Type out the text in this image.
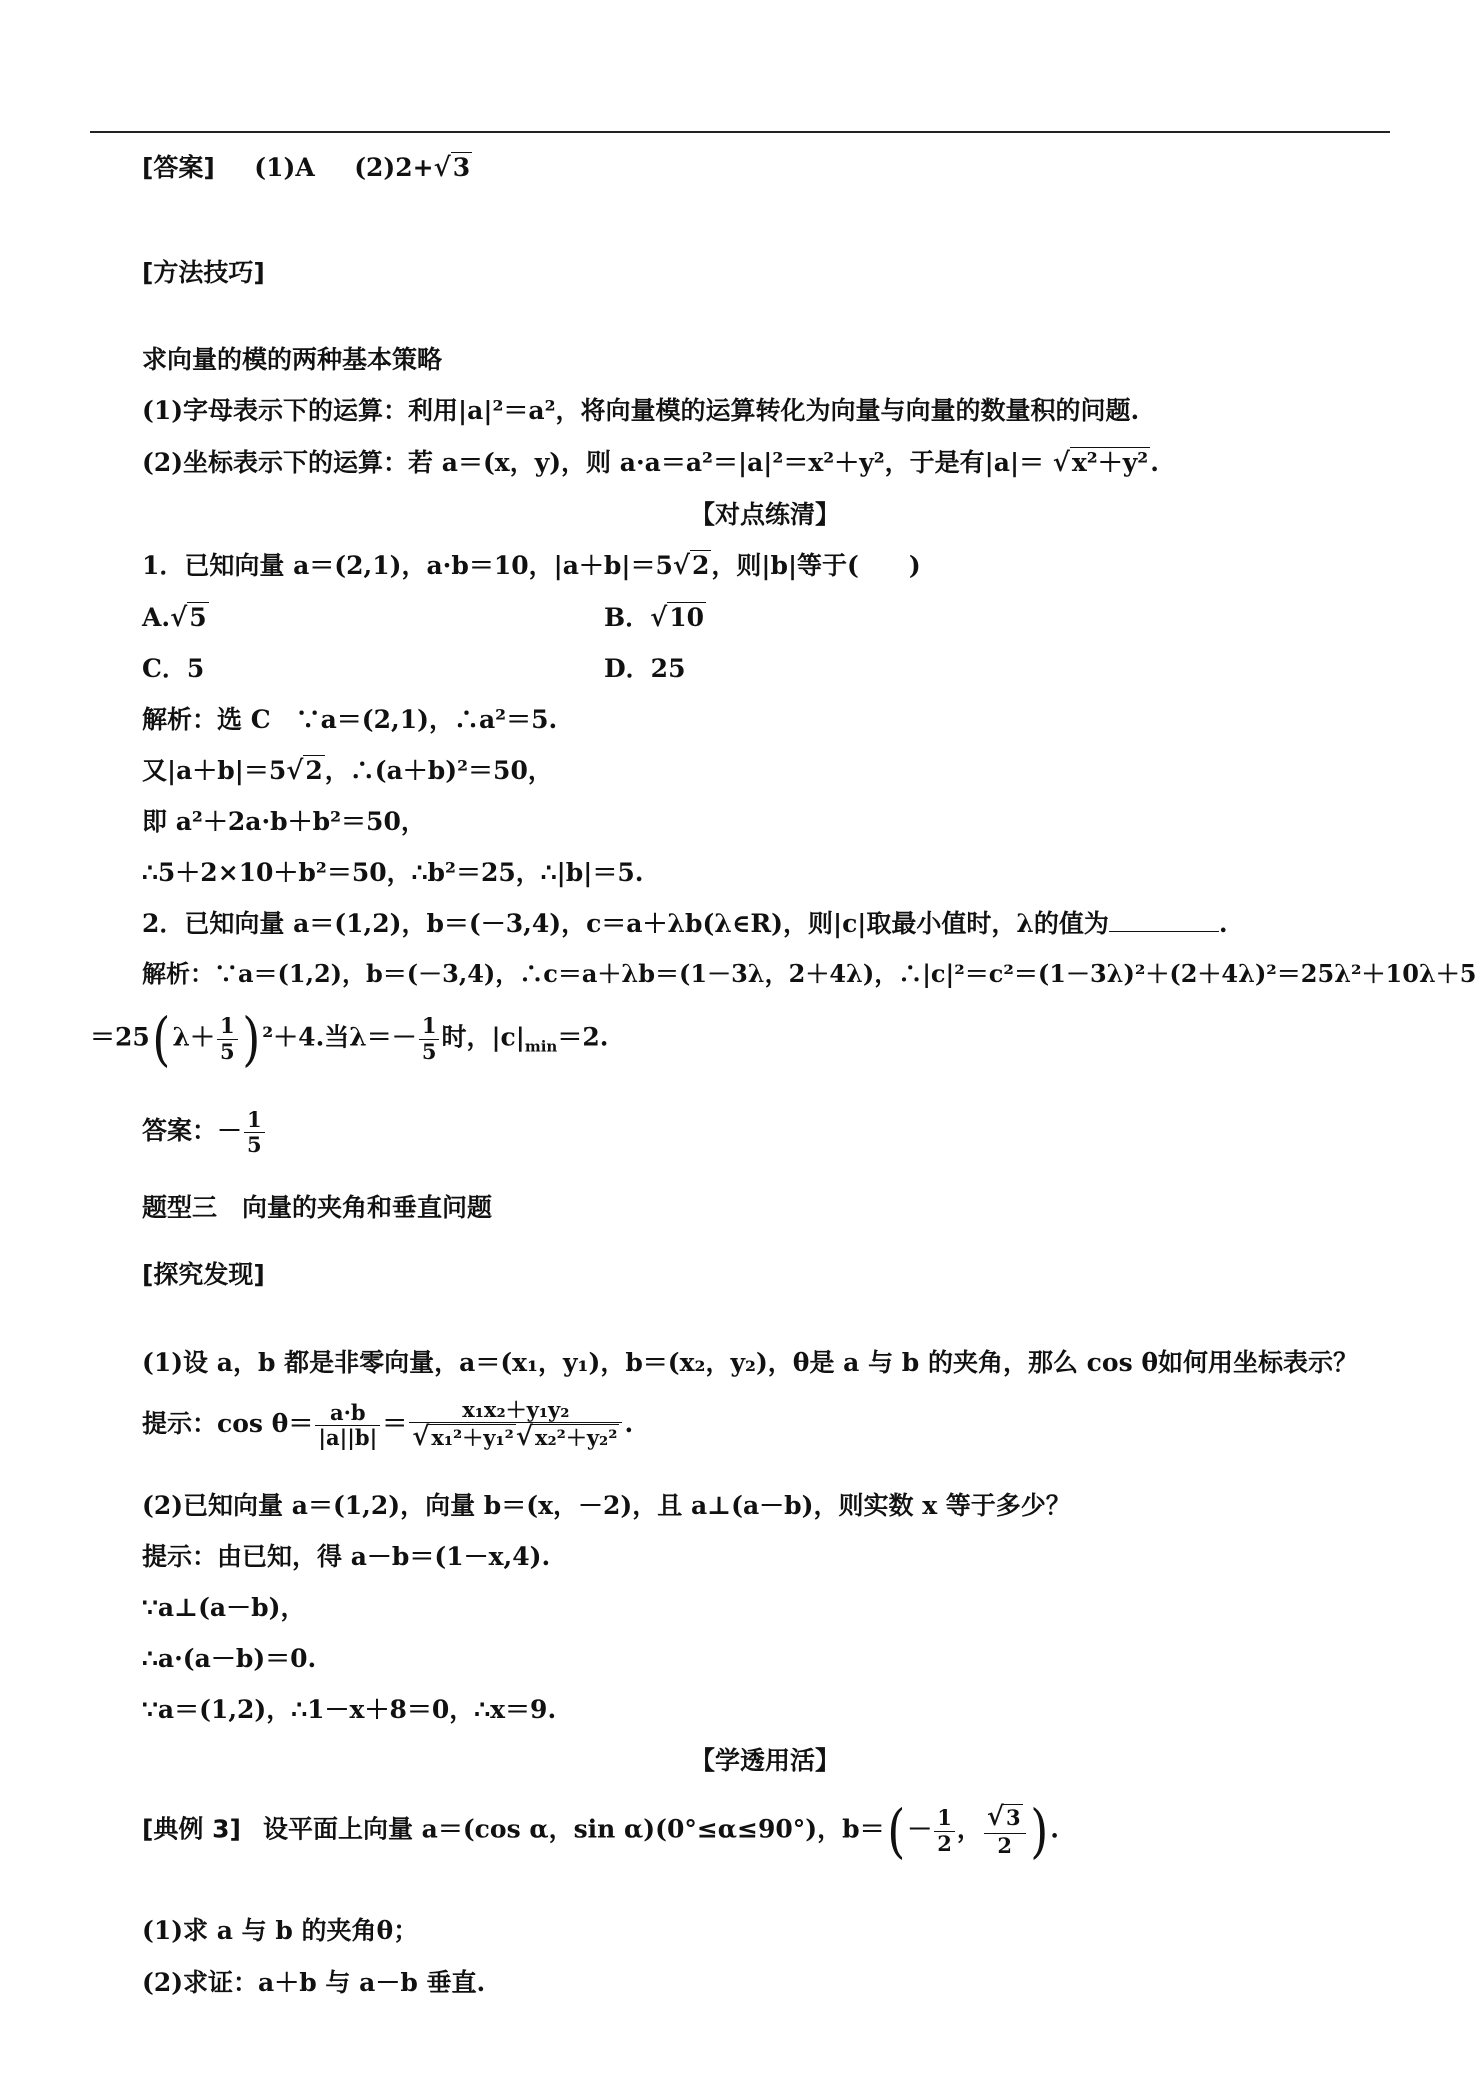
[答案] (1)A (2)2+√3
[方法技巧]
求向量的模的两种基本策略
(1)字母表示下的运算：利用|a|²＝a²，将向量模的运算转化为向量与向量的数量积的问题.
(2)坐标表示下的运算：若 a＝(x，y)，则 a·a＝a²＝|a|²＝x²＋y²，于是有|a|＝ √x²＋y².
【对点练清】
1．已知向量 a＝(2,1)，a·b＝10，|a＋b|＝5√2，则|b|等于(　　)
A.√5	B．√10
C．5	D．25
解析：选 C　∵a＝(2,1)，∴a²＝5.
又|a＋b|＝5√2，∴(a＋b)²＝50，
即 a²＋2a·b＋b²＝50，
∴5＋2×10＋b²＝50，∴b²＝25，∴|b|＝5.
2．已知向量 a＝(1,2)，b＝(－3,4)，c＝a＋λb(λ∈R)，则|c|取最小值时，λ的值为	.
解析：∵a＝(1,2)，b＝(－3,4)，∴c＝a＋λb＝(1－3λ，2＋4λ)，∴|c|²＝c²＝(1－3λ)²＋(2＋4λ)²＝25λ²＋10λ＋5
$=25(\lambda+ \frac{1}{5} )^2+4$.当$\lambda=- \frac{1}{5}$ 时，$|c|_{min}=2$.
答案：－ $\frac{1}{5}$
题型三　向量的夹角和垂直问题
[探究发现]
(1)设 a，b 都是非零向量，a＝(x₁，y₁)，b＝(x₂，y₂)，θ是 a 与 b 的夹角，那么 cos θ如何用坐标表示？
提示：$\cos \theta= \frac{a\cdot b}{|a||b|} = \frac{\text{x₁x₂＋y₁y₂}}{\text{√x₁²＋y₁²√x₂²＋y₂²}}$ .
(2)已知向量 a＝(1,2)，向量 b＝(x，－2)，且 a⊥(a－b)，则实数 x 等于多少？
提示：由已知，得 a－b＝(1－x,4).
∵a⊥(a－b)，
∴a·(a－b)＝0.
∵a＝(1,2)，∴1－x＋8＝0，∴x＝9.
【学透用活】
[典例 3] 设平面上向量 a＝(cos α，sin α)(0°≤α≤90°)，$b=(- \frac{1}{2}$ ， $\frac{√3}{2}$ ).
(1)求 a 与 b 的夹角θ；
(2)求证：a＋b 与 a－b 垂直.
